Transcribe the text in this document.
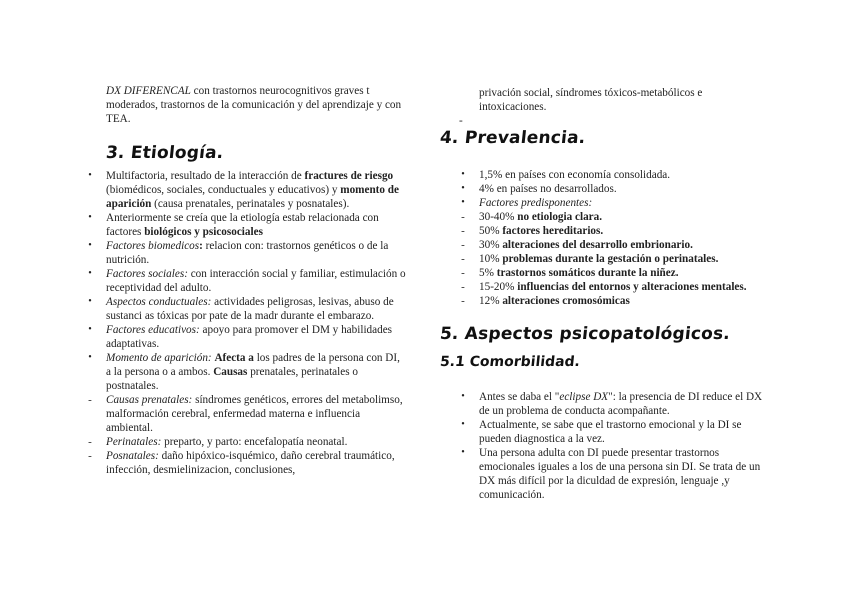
DX DIFERENCAL con trastornos neurocognitivos graves t moderados, trastornos de la comunicación y del aprendizaje y con TEA.

3. Etiología.
•	Multifactoria, resultado de la interacción de fractures de riesgo (biomédicos, sociales, conductuales y educativos) y momento de aparición (causa prenatales, perinatales y posnatales).
•	Anteriormente se creía que la etiología estab relacionada con factores biológicos y psicosociales
•	Factores biomedicos: relacion con: trastornos genéticos o de la nutrición.
•	Factores sociales: con interacción social y familiar, estimulación o receptividad del adulto.
•	Aspectos conductuales: actividades peligrosas, lesivas, abuso de sustanci as tóxicas por pate de la madr durante el embarazo.
•	Factores educativos: apoyo para promover el DM y habilidades adaptativas.
•	Momento de aparición: Afecta a los padres de la persona con DI, a la persona o a ambos. Causas prenatales, perinatales o postnatales.
-	Causas prenatales: síndromes genéticos, errores del metabolimso, malformación cerebral, enfermedad materna e influencia ambiental.
-	Perinatales: preparto, y parto: encefalopatía neonatal.
-	Posnatales: daño hipóxico-isquémico, daño cerebral traumático, infección, desmielinizacion, conclusiones,

privación social, síndromes tóxicos-metabólicos e intoxicaciones.

-
4. Prevalencia.
•	1,5% en países con economía consolidada.
•	4% en países no desarrollados.
•	Factores predisponentes:
-	30-40% no etiologia clara.
-	50% factores hereditarios.
-	30% alteraciones del desarrollo embrionario.
-	10% problemas durante la gestación o perinatales.
-	5% trastornos somáticos durante la niñez.
-	15-20% influencias del entornos y alteraciones mentales.
-	12% alteraciones cromosómicas
5. Aspectos psicopatológicos.
5.1 Comorbilidad.
•	Antes se daba el "eclipse DX": la presencia de DI reduce el DX de un problema de conducta acompañante.
•	Actualmente, se sabe que el trastorno emocional y la DI se pueden diagnostica a la vez.
•	Una persona adulta con DI puede presentar trastornos emocionales iguales a los de una persona sin DI. Se trata de un DX más difícil por la diculdad de expresión, lenguaje ,y comunicación.
